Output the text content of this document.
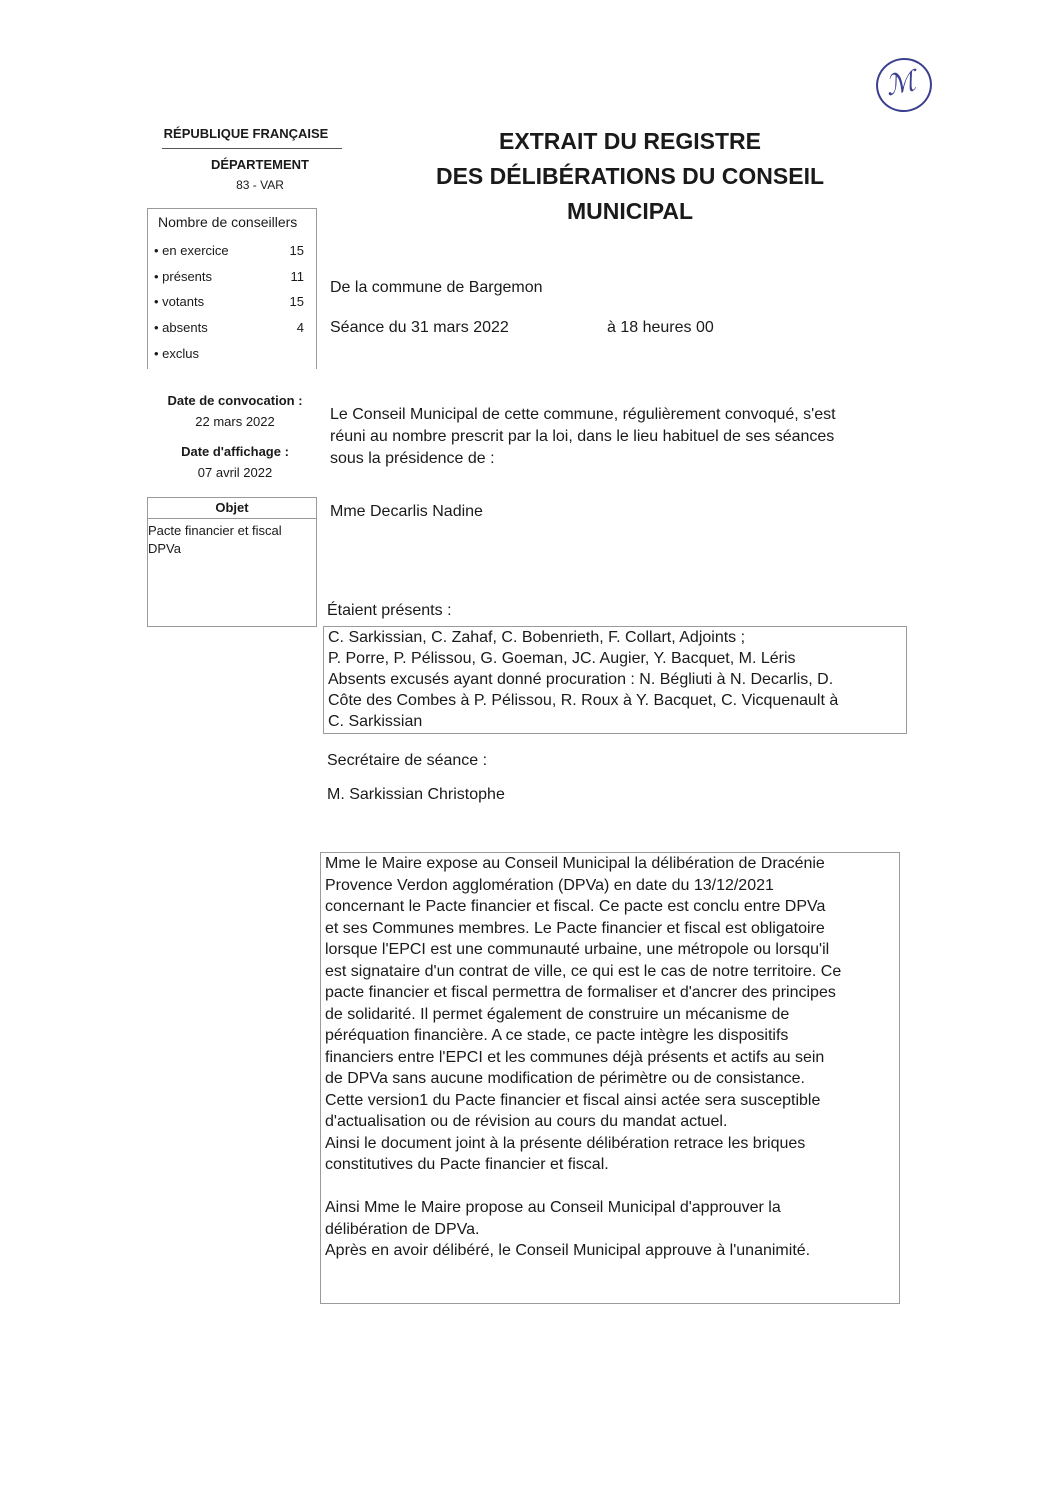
ℳ
RÉPUBLIQUE FRANÇAISE
DÉPARTEMENT
83 - VAR
EXTRAIT DU REGISTRE
DES DÉLIBÉRATIONS DU CONSEIL
MUNICIPAL
Nombre de conseillers
• en exercice	15
• présents	11
• votants	15
• absents	4
• exclus
De la commune de Bargemon
Séance du 31 mars 2022	à 18 heures 00
Date de convocation :
22 mars 2022
Date d'affichage :
07 avril 2022
Le Conseil Municipal de cette commune, régulièrement convoqué, s'est
réuni au nombre prescrit par la loi, dans le lieu habituel de ses séances
sous la présidence de :
Objet
Pacte financier et fiscal
DPVa
Mme Decarlis Nadine
Étaient présents :
C. Sarkissian, C. Zahaf, C. Bobenrieth, F. Collart, Adjoints ;
P. Porre, P. Pélissou, G. Goeman, JC. Augier, Y. Bacquet, M. Léris
Absents excusés ayant donné procuration : N. Bégliuti à N. Decarlis, D.
Côte des Combes à P. Pélissou, R. Roux à Y. Bacquet, C. Vicquenault à
C. Sarkissian
Secrétaire de séance :
M. Sarkissian Christophe

Mme le Maire expose au Conseil Municipal la délibération de Dracénie
Provence Verdon agglomération (DPVa) en date du 13/12/2021
concernant le Pacte financier et fiscal. Ce pacte est conclu entre DPVa
et ses Communes membres. Le Pacte financier et fiscal est obligatoire
lorsque l'EPCI est une communauté urbaine, une métropole ou lorsqu'il
est signataire d'un contrat de ville, ce qui est le cas de notre territoire. Ce
pacte financier et fiscal permettra de formaliser et d'ancrer des principes
de solidarité. Il permet également de construire un mécanisme de
péréquation financière. A ce stade, ce pacte intègre les dispositifs
financiers entre l'EPCI et les communes déjà présents et actifs au sein
de DPVa sans aucune modification de périmètre ou de consistance.
Cette version1 du Pacte financier et fiscal ainsi actée sera susceptible
d'actualisation ou de révision au cours du mandat actuel.
Ainsi le document joint à la présente délibération retrace les briques
constitutives du Pacte financier et fiscal.

Ainsi Mme le Maire propose au Conseil Municipal d'approuver la
délibération de DPVa.
Après en avoir délibéré, le Conseil Municipal approuve à l'unanimité.
